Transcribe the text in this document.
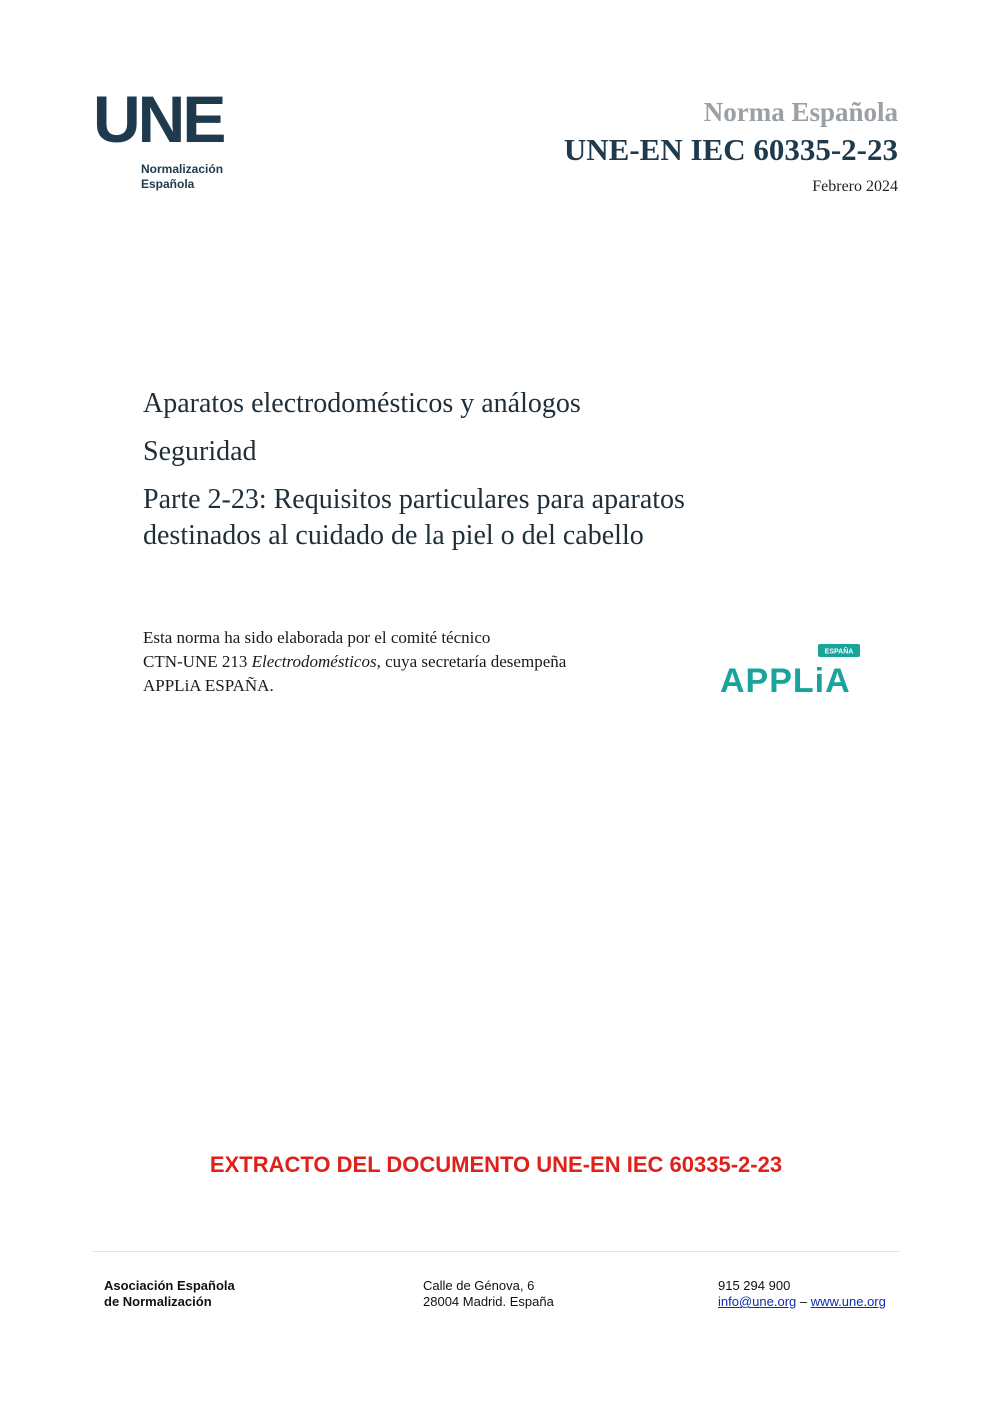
UNE
Normalización
Española
Norma Española
UNE-EN IEC 60335-2-23
Febrero 2024
Aparatos electrodomésticos y análogos
Seguridad
Parte 2-23: Requisitos particulares para aparatos
destinados al cuidado de la piel o del cabello
Esta norma ha sido elaborada por el comité técnico
CTN-UNE 213 Electrodomésticos, cuya secretaría desempeña
APPLiA ESPAÑA.
ESPAÑA
APPLiA
EXTRACTO DEL DOCUMENTO UNE-EN IEC 60335-2-23
Asociación Española
de Normalización
Calle de Génova, 6
28004 Madrid. España
915 294 900
info@une.org – www.une.org
